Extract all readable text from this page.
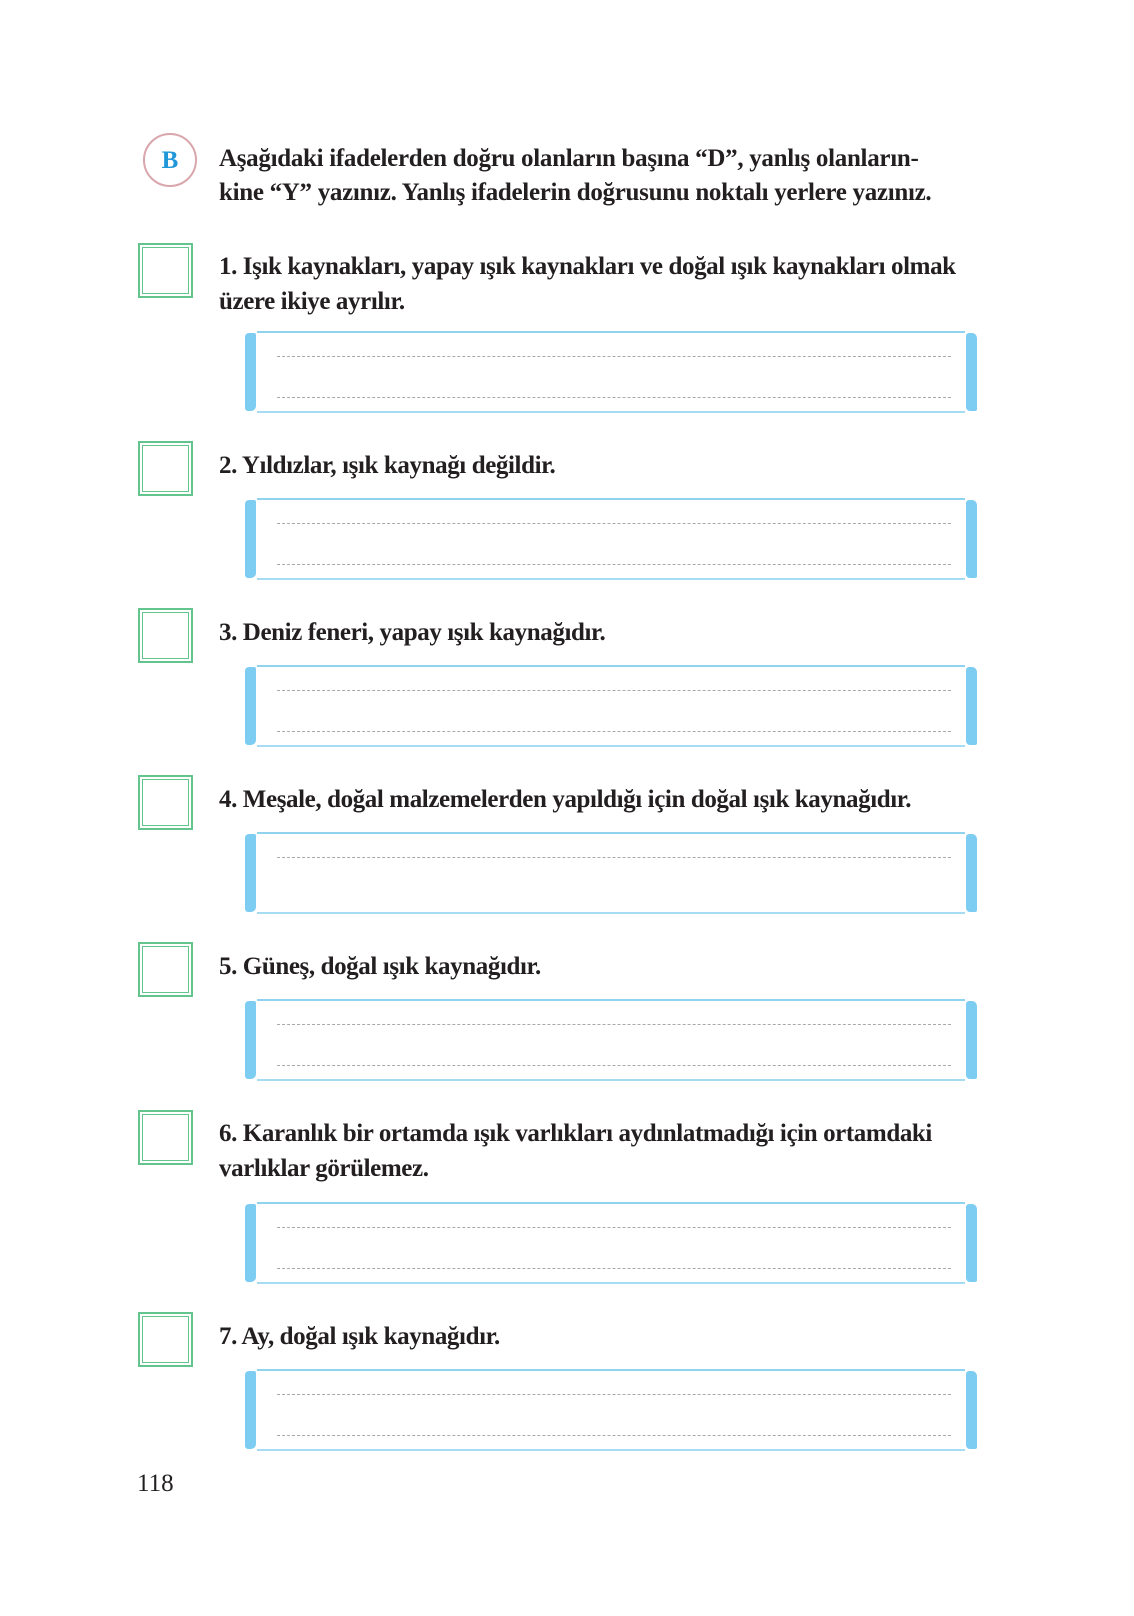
B Aşağıdaki ifadelerden doğru olanların başına “D”, yanlış olanların-
kine “Y” yazınız. Yanlış ifadelerin doğrusunu noktalı yerlere yazınız.
1. Işık kaynakları, yapay ışık kaynakları ve doğal ışık kaynakları olmak
üzere ikiye ayrılır.
2. Yıldızlar, ışık kaynağı değildir.
3. Deniz feneri, yapay ışık kaynağıdır.
4. Meşale, doğal malzemelerden yapıldığı için doğal ışık kaynağıdır.
5. Güneş, doğal ışık kaynağıdır.
6. Karanlık bir ortamda ışık varlıkları aydınlatmadığı için ortamdaki
varlıklar görülemez.
7. Ay, doğal ışık kaynağıdır.
118
